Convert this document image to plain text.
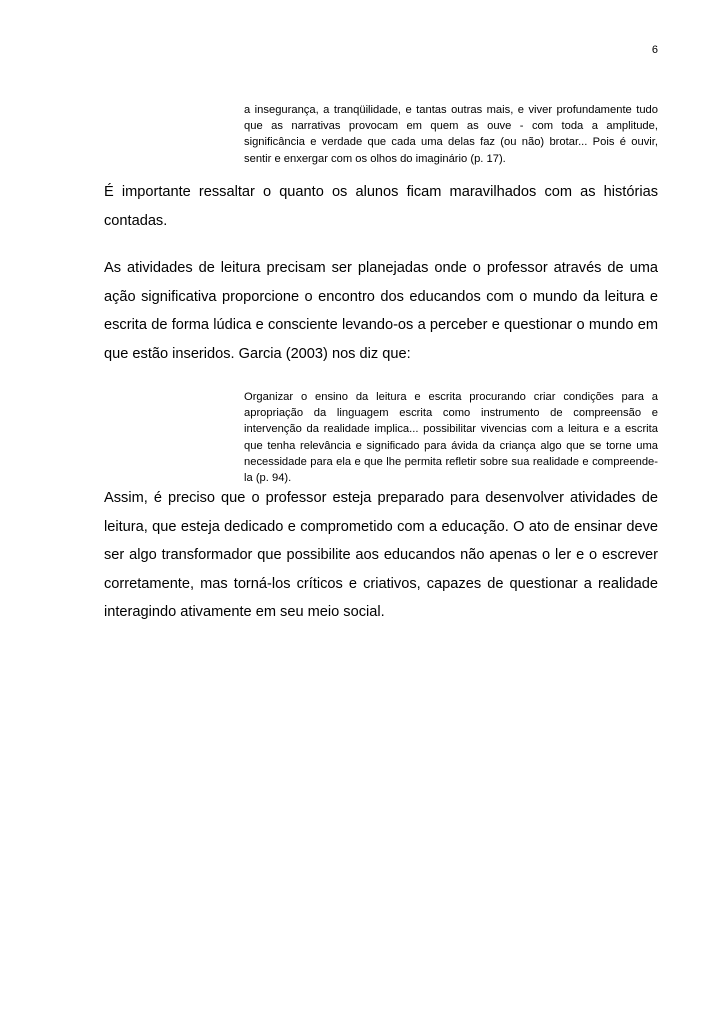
6
a insegurança, a tranqüilidade, e tantas outras mais, e viver profundamente tudo que as narrativas provocam em quem as ouve - com toda a amplitude, significância e verdade que cada uma delas faz (ou não) brotar... Pois é ouvir, sentir e enxergar com os olhos do imaginário (p. 17).

É importante ressaltar o quanto os alunos ficam maravilhados com as histórias contadas.

As atividades de leitura precisam ser planejadas onde o professor através de uma ação significativa proporcione o encontro dos educandos com o mundo da leitura e escrita de forma lúdica e consciente levando-os a perceber e questionar o mundo em que estão inseridos. Garcia (2003) nos diz que:

Organizar o ensino da leitura e escrita procurando criar condições para a apropriação da linguagem escrita como instrumento de compreensão e intervenção da realidade implica... possibilitar vivencias com a leitura e a escrita que tenha relevância e significado para ávida da criança algo que se torne uma necessidade para ela e que lhe permita refletir sobre sua realidade e compreende-la (p. 94).

Assim, é preciso que o professor esteja preparado para desenvolver atividades de leitura, que esteja dedicado e comprometido com a educação. O ato de ensinar deve ser algo transformador que possibilite aos educandos não apenas o ler e o escrever corretamente, mas torná-los críticos e criativos, capazes de questionar a realidade interagindo ativamente em seu meio social.
